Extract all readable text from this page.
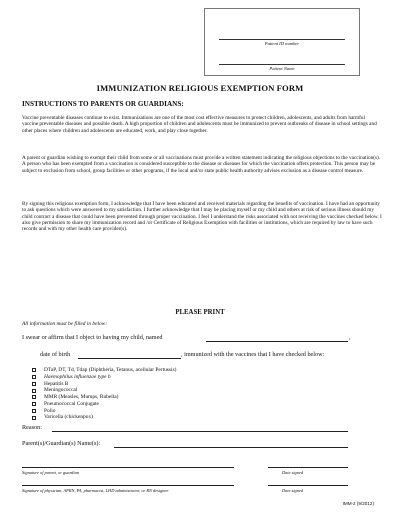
Patient ID number
Patient Name
IMMUNIZATION RELIGIOUS EXEMPTION FORM
INSTRUCTIONS TO PARENTS OR GUARDIANS:
Vaccine preventable diseases continue to exist. Immunizations are one of the most cost effective measures to protect children, adolescents, and adults from harmful vaccine preventable diseases and possible death. A high proportion of children and adolescents must be immunized to prevent outbreaks of disease in school settings and other places where children and adolescents are educated, work, and play close together.
A parent or guardian wishing to exempt their child from some or all vaccinations must provide a written statement indicating the religious objections to the vaccination(s). A person who has been exempted from a vaccination is considered susceptible to the disease or diseases for which the vaccination offers protection. This person may be subject to exclusion from school, group facilities or other programs, if the local and/or state public health authority advises exclusion as a disease control measure.
By signing this religious exemption form, I acknowledge that I have been educated and received materials regarding the benefits of vaccination. I have had an opportunity to ask questions which were answered to my satisfaction. I further acknowledge that I may be placing myself or my child and others at risk of serious illness should my child contract a disease that could have been prevented through proper vaccination. I feel I understand the risks associated with not receiving the vaccines checked below. I also give permission to share my immunization record and /or Certificate of Religious Exemption with facilities or institutions, which are required by law to have such records and with my other health care provider(s).
PLEASE PRINT
All information must be filled in below:
I swear or affirm that I object to having my child, named	,
date of birth	, immunized with the vaccines that I have checked below:
DTaP, DT, Td, Tdap (Diphtheria, Tetanus, acellular Pertussis)
Haemophilus influenzae type b
Hepatitis B
Meningococcal
MMR (Measles, Mumps, Rubella)
Pneumococcal Conjugate
Polio
Varicella (chickenpox)
Reason:
Parent(s)/Guardian(s) Name(s):
Signature of parent, or guardian	Date signed
Signature of physician, APRN, PA, pharmacist, LHD administrator, or RN designee	Date signed
IMM-2 (9/2012)
